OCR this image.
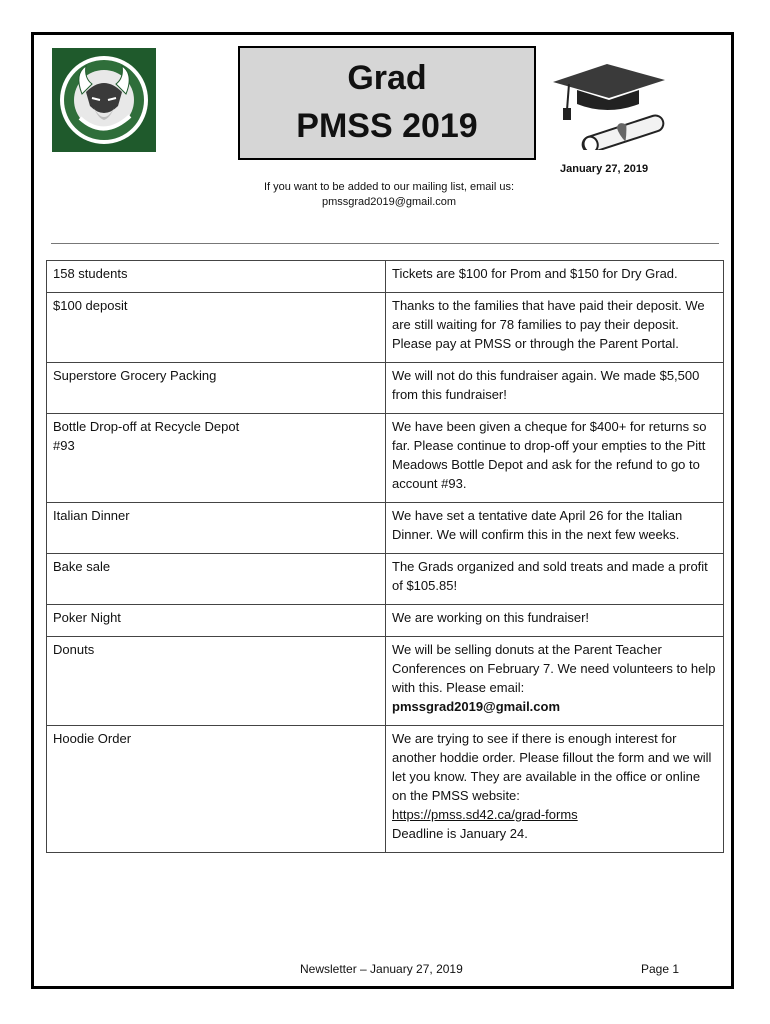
Grad
PMSS 2019
January 27, 2019
If you want to be added to our mailing list, email us:
pmssgrad2019@gmail.com
158 students	Tickets are $100 for Prom and $150 for Dry Grad.

$100 deposit	Thanks to the families that have paid their deposit. We are still waiting for 78 families to pay their deposit. Please pay at PMSS or through the Parent Portal.

Superstore Grocery Packing	We will not do this fundraiser again. We made $5,500 from this fundraiser!

Bottle Drop-off at Recycle Depot
#93	We have been given a cheque for $400+ for returns so far. Please continue to drop-off your empties to the Pitt Meadows Bottle Depot and ask for the refund to go to account #93.

Italian Dinner	We have set a tentative date April 26 for the Italian Dinner. We will confirm this in the next few weeks.

Bake sale	The Grads organized and sold treats and made a profit of $105.85!

Poker Night	We are working on this fundraiser!

Donuts	We will be selling donuts at the Parent Teacher Conferences on February 7. We need volunteers to help with this. Please email:
pmssgrad2019@gmail.com

Hoodie Order	We are trying to see if there is enough interest for another hoddie order. Please fillout the form and we will let you know. They are available in the office or online on the PMSS website:
https://pmss.sd42.ca/grad-forms
Deadline is January 24.
Newsletter – January 27, 2019	Page 1
